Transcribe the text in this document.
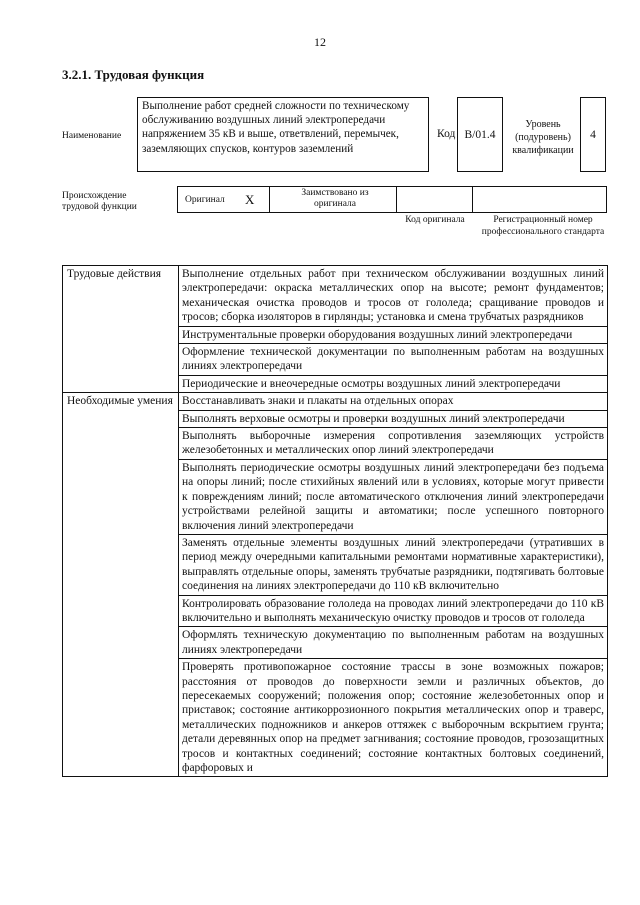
12
3.2.1. Трудовая функция
Наименование
Выполнение работ средней сложности по техническому обслуживанию воздушных линий электропередачи напряжением 35 кВ и выше, ответвлений, перемычек, заземляющих спусков, контуров заземлений
Код B/01.4
Уровень (подуровень) квалификации
4
Происхождение трудовой функции
Оригинал X	Заимствовано из оригинала
Код оригинала	Регистрационный номер профессионального стандарта
Трудовые действия	Выполнение отдельных работ при техническом обслуживании воздушных линий электропередачи: окраска металлических опор на высоте; ремонт фундаментов; механическая очистка проводов и тросов от гололеда; сращивание проводов и тросов; сборка изоляторов в гирлянды; установка и смена трубчатых разрядников
	Инструментальные проверки оборудования воздушных линий электропередачи
	Оформление технической документации по выполненным работам на воздушных линиях электропередачи
	Периодические и внеочередные осмотры воздушных линий электропередачи
Необходимые умения	Восстанавливать знаки и плакаты на отдельных опорах
	Выполнять верховые осмотры и проверки воздушных линий электропередачи
	Выполнять выборочные измерения сопротивления заземляющих устройств железобетонных и металлических опор линий электропередачи
	Выполнять периодические осмотры воздушных линий электропередачи без подъема на опоры линий; после стихийных явлений или в условиях, которые могут привести к повреждениям линий; после автоматического отключения линий электропередачи устройствами релейной защиты и автоматики; после успешного повторного включения линий электропередачи
	Заменять отдельные элементы воздушных линий электропередачи (утративших в период между очередными капитальными ремонтами нормативные характеристики), выправлять отдельные опоры, заменять трубчатые разрядники, подтягивать болтовые соединения на линиях электропередачи до 110 кВ включительно
	Контролировать образование гололеда на проводах линий электропередачи до 110 кВ включительно и выполнять механическую очистку проводов и тросов от гололеда
	Оформлять техническую документацию по выполненным работам на воздушных линиях электропередачи
	Проверять противопожарное состояние трассы в зоне возможных пожаров; расстояния от проводов до поверхности земли и различных объектов, до пересекаемых сооружений; положения опор; состояние железобетонных опор и приставок; состояние антикоррозионного покрытия металлических опор и траверс, металлических подножников и анкеров оттяжек с выборочным вскрытием грунта; детали деревянных опор на предмет загнивания; состояние проводов, грозозащитных тросов и контактных соединений; состояние контактных болтовых соединений, фарфоровых и
